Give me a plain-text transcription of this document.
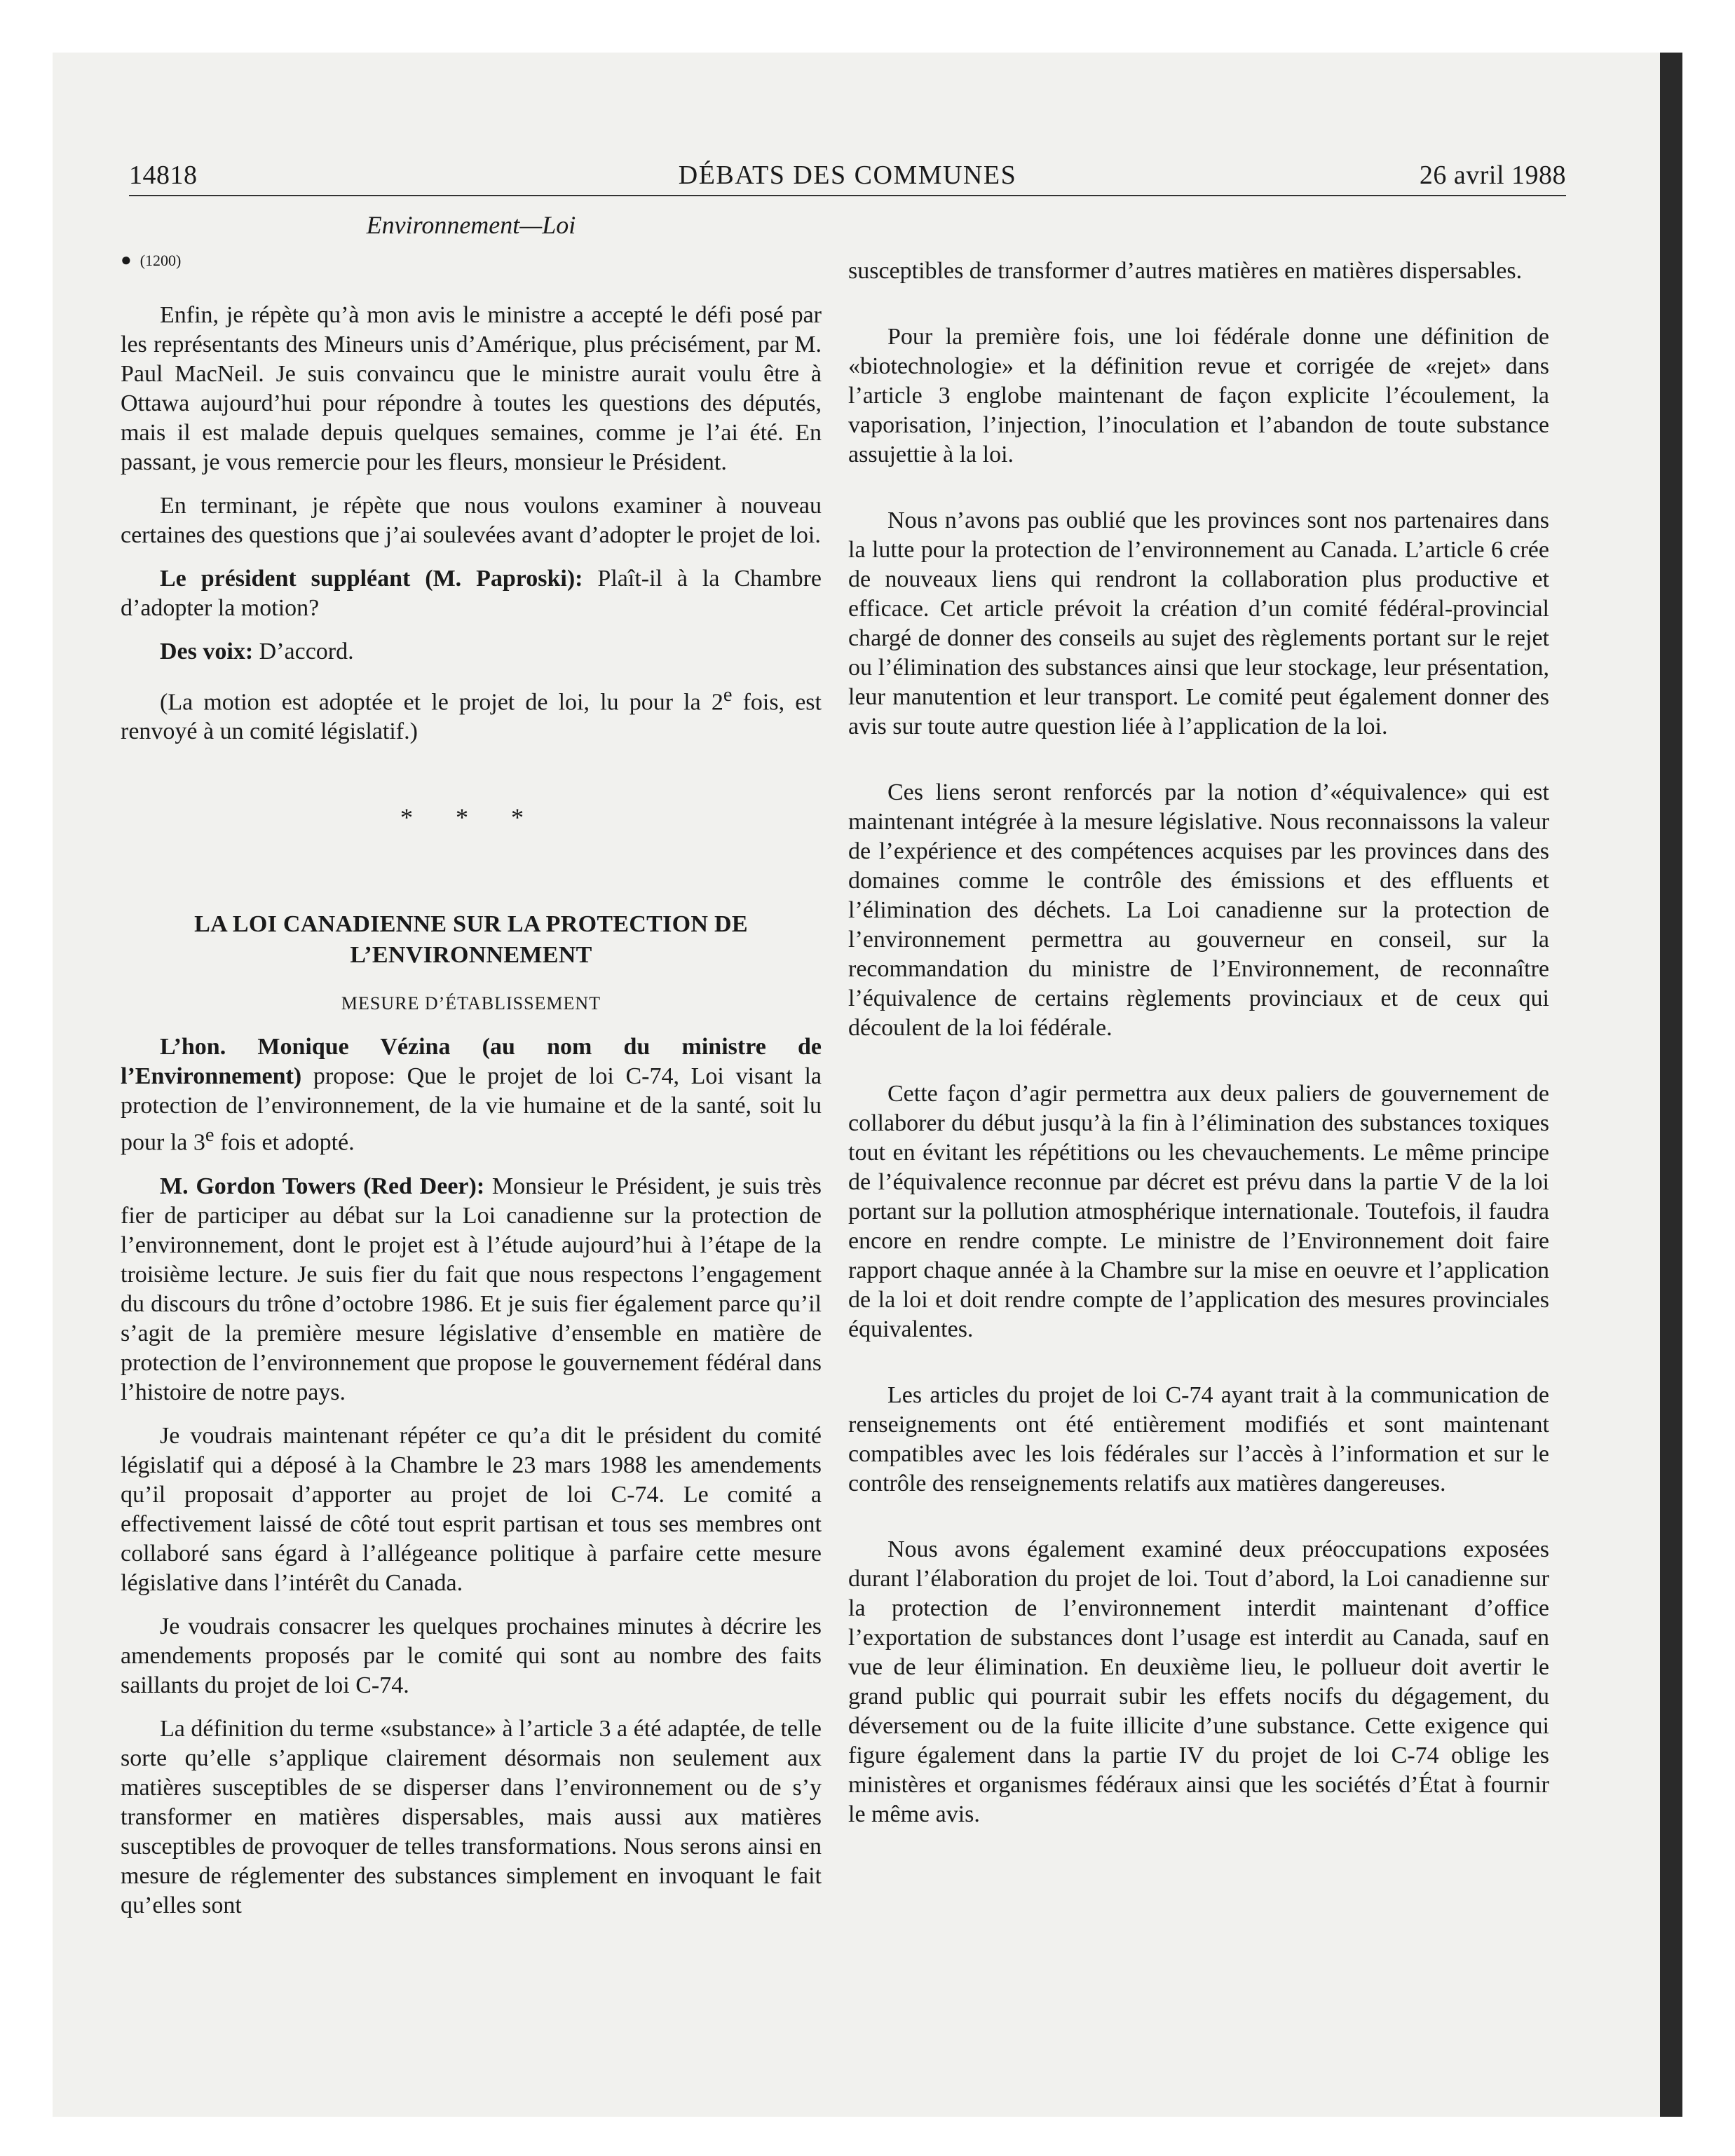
14818	DÉBATS DES COMMUNES	26 avril 1988
Environnement—Loi
● (1200)

Enfin, je répète qu’à mon avis le ministre a accepté le défi posé par les représentants des Mineurs unis d’Amérique, plus précisément, par M. Paul MacNeil. Je suis convaincu que le ministre aurait voulu être à Ottawa aujourd’hui pour répondre à toutes les questions des députés, mais il est malade depuis quelques semaines, comme je l’ai été. En passant, je vous remercie pour les fleurs, monsieur le Président.

En terminant, je répète que nous voulons examiner à nouveau certaines des questions que j’ai soulevées avant d’adopter le projet de loi.

Le président suppléant (M. Paproski): Plaît-il à la Chambre d’adopter la motion?

Des voix: D’accord.

(La motion est adoptée et le projet de loi, lu pour la 2e fois, est renvoyé à un comité législatif.)

* * *
LA LOI CANADIENNE SUR LA PROTECTION DE
L’ENVIRONNEMENT
MESURE D’ÉTABLISSEMENT

L’hon. Monique Vézina (au nom du ministre de l’Environnement) propose: Que le projet de loi C-74, Loi visant la protection de l’environnement, de la vie humaine et de la santé, soit lu pour la 3e fois et adopté.

M. Gordon Towers (Red Deer): Monsieur le Président, je suis très fier de participer au débat sur la Loi canadienne sur la protection de l’environnement, dont le projet est à l’étude aujourd’hui à l’étape de la troisième lecture. Je suis fier du fait que nous respectons l’engagement du discours du trône d’octobre 1986. Et je suis fier également parce qu’il s’agit de la première mesure législative d’ensemble en matière de protection de l’environnement que propose le gouvernement fédéral dans l’histoire de notre pays.

Je voudrais maintenant répéter ce qu’a dit le président du comité législatif qui a déposé à la Chambre le 23 mars 1988 les amendements qu’il proposait d’apporter au projet de loi C-74. Le comité a effectivement laissé de côté tout esprit partisan et tous ses membres ont collaboré sans égard à l’allégeance politique à parfaire cette mesure législative dans l’intérêt du Canada.

Je voudrais consacrer les quelques prochaines minutes à décrire les amendements proposés par le comité qui sont au nombre des faits saillants du projet de loi C-74.

La définition du terme «substance» à l’article 3 a été adaptée, de telle sorte qu’elle s’applique clairement désormais non seulement aux matières susceptibles de se disperser dans l’environnement ou de s’y transformer en matières dispersables, mais aussi aux matières susceptibles de provoquer de telles transformations. Nous serons ainsi en mesure de réglementer des substances simplement en invoquant le fait qu’elles sont

susceptibles de transformer d’autres matières en matières dispersables.

Pour la première fois, une loi fédérale donne une définition de «biotechnologie» et la définition revue et corrigée de «rejet» dans l’article 3 englobe maintenant de façon explicite l’écoulement, la vaporisation, l’injection, l’inoculation et l’abandon de toute substance assujettie à la loi.

Nous n’avons pas oublié que les provinces sont nos partenaires dans la lutte pour la protection de l’environnement au Canada. L’article 6 crée de nouveaux liens qui rendront la collaboration plus productive et efficace. Cet article prévoit la création d’un comité fédéral-provincial chargé de donner des conseils au sujet des règlements portant sur le rejet ou l’élimination des substances ainsi que leur stockage, leur présentation, leur manutention et leur transport. Le comité peut également donner des avis sur toute autre question liée à l’application de la loi.

Ces liens seront renforcés par la notion d’«équivalence» qui est maintenant intégrée à la mesure législative. Nous reconnaissons la valeur de l’expérience et des compétences acquises par les provinces dans des domaines comme le contrôle des émissions et des effluents et l’élimination des déchets. La Loi canadienne sur la protection de l’environnement permettra au gouverneur en conseil, sur la recommandation du ministre de l’Environnement, de reconnaître l’équivalence de certains règlements provinciaux et de ceux qui découlent de la loi fédérale.

Cette façon d’agir permettra aux deux paliers de gouvernement de collaborer du début jusqu’à la fin à l’élimination des substances toxiques tout en évitant les répétitions ou les chevauchements. Le même principe de l’équivalence reconnue par décret est prévu dans la partie V de la loi portant sur la pollution atmosphérique internationale. Toutefois, il faudra encore en rendre compte. Le ministre de l’Environnement doit faire rapport chaque année à la Chambre sur la mise en oeuvre et l’application de la loi et doit rendre compte de l’application des mesures provinciales équivalentes.

Les articles du projet de loi C-74 ayant trait à la communication de renseignements ont été entièrement modifiés et sont maintenant compatibles avec les lois fédérales sur l’accès à l’information et sur le contrôle des renseignements relatifs aux matières dangereuses.

Nous avons également examiné deux préoccupations exposées durant l’élaboration du projet de loi. Tout d’abord, la Loi canadienne sur la protection de l’environnement interdit maintenant d’office l’exportation de substances dont l’usage est interdit au Canada, sauf en vue de leur élimination. En deuxième lieu, le pollueur doit avertir le grand public qui pourrait subir les effets nocifs du dégagement, du déversement ou de la fuite illicite d’une substance. Cette exigence qui figure également dans la partie IV du projet de loi C-74 oblige les ministères et organismes fédéraux ainsi que les sociétés d’État à fournir le même avis.
